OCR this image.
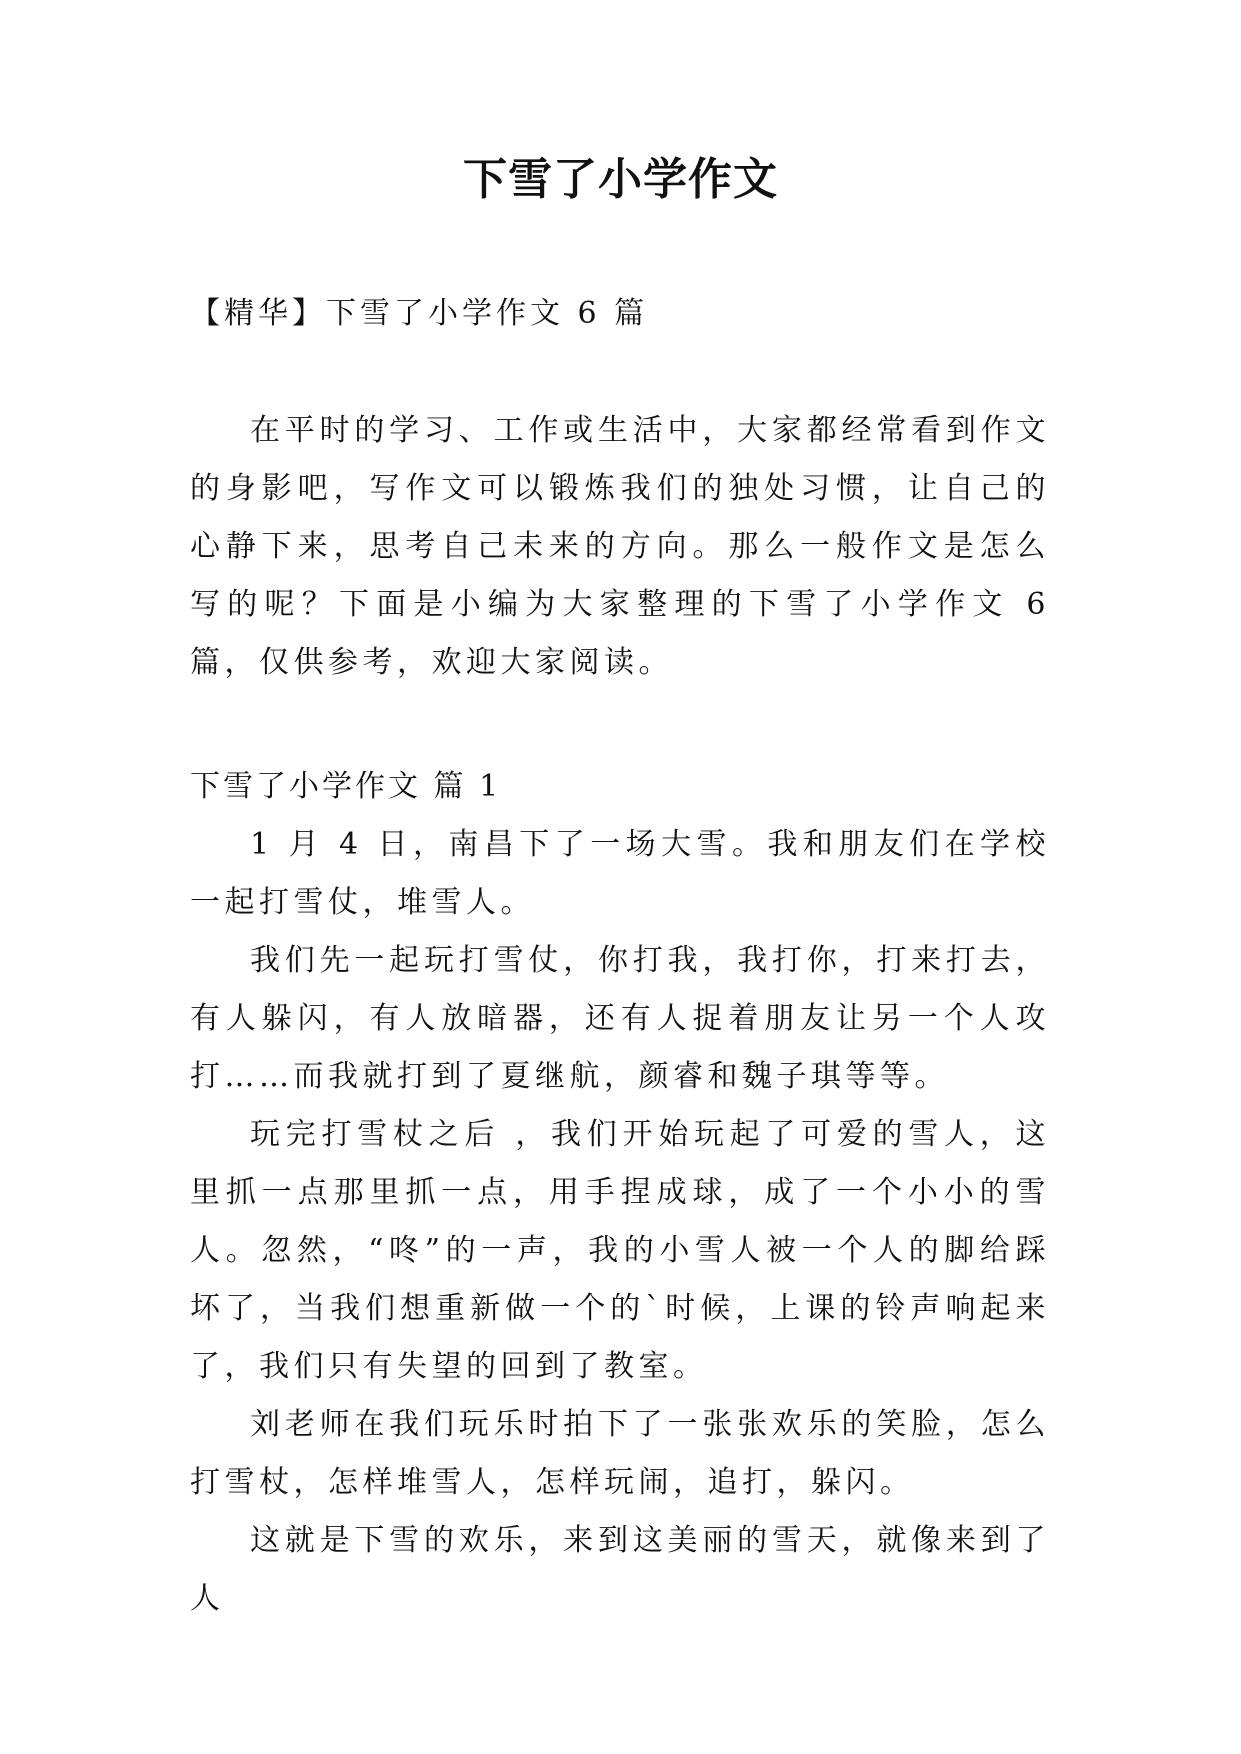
下雪了小学作文
【精华】下雪了小学作文 6 篇

在平时的学习、工作或生活中，大家都经常看到作文的身影吧，写作文可以锻炼我们的独处习惯，让自己的心静下来，思考自己未来的方向。那么一般作文是怎么写的呢？下面是小编为大家整理的下雪了小学作文 6 篇，仅供参考，欢迎大家阅读。

下雪了小学作文 篇 1

1 月 4 日，南昌下了一场大雪。我和朋友们在学校一起打雪仗，堆雪人。

我们先一起玩打雪仗，你打我，我打你，打来打去，有人躲闪，有人放暗器，还有人捉着朋友让另一个人攻打……而我就打到了夏继航，颜睿和魏子琪等等。

玩完打雪杖之后 ，我们开始玩起了可爱的雪人，这里抓一点那里抓一点，用手捏成球，成了一个小小的雪人。忽然，“咚”的一声，我的小雪人被一个人的脚给踩坏了，当我们想重新做一个的`时候，上课的铃声响起来了，我们只有失望的回到了教室。

刘老师在我们玩乐时拍下了一张张欢乐的笑脸，怎么打雪杖，怎样堆雪人，怎样玩闹，追打，躲闪。

这就是下雪的欢乐，来到这美丽的雪天，就像来到了人
